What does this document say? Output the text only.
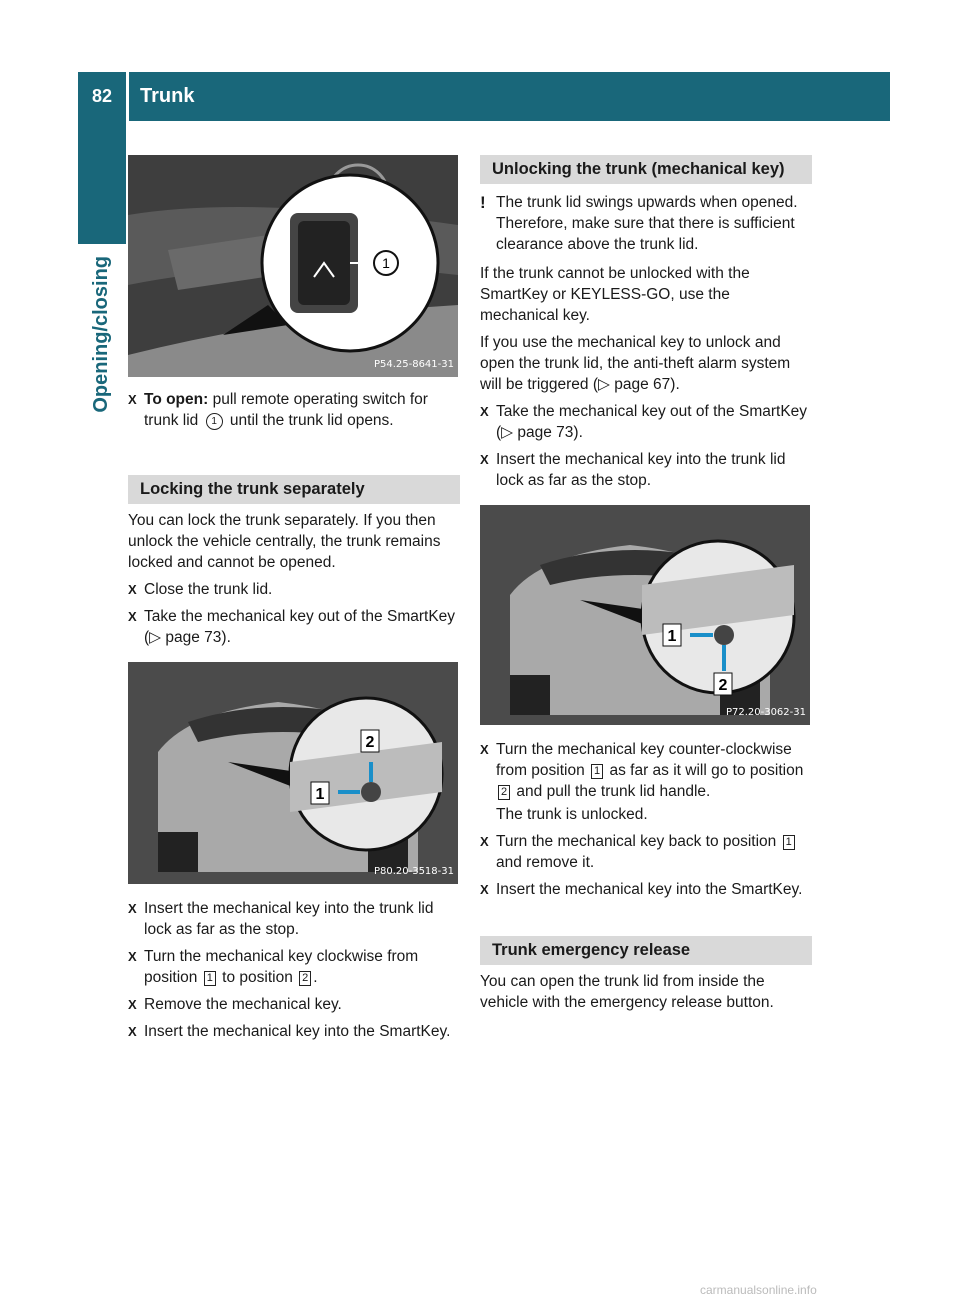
82	Trunk
Opening/closing	1
P54.25-8641-31
X To open: pull remote operating switch for trunk lid 1 until the trunk lid opens.
Locking the trunk separately

You can lock the trunk separately. If you then unlock the vehicle centrally, the trunk remains locked and cannot be opened.

X Close the trunk lid.
X Take the mechanical key out of the SmartKey (▷ page 73).
2
1
P80.20-3518-31
X Insert the mechanical key into the trunk lid lock as far as the stop.
X Turn the mechanical key clockwise from position 1 to position 2 .
X Remove the mechanical key.
X Insert the mechanical key into the SmartKey.
Unlocking the trunk (mechanical key)
! The trunk lid swings upwards when opened. Therefore, make sure that there is sufficient clearance above the trunk lid.

If the trunk cannot be unlocked with the SmartKey or KEYLESS-GO, use the mechanical key.

If you use the mechanical key to unlock and open the trunk lid, the anti-theft alarm system will be triggered (▷ page 67).

X Take the mechanical key out of the SmartKey (▷ page 73).
X Insert the mechanical key into the trunk lid lock as far as the stop.
1
2
P72.20-3062-31
X Turn the mechanical key counter-clockwise from position 1 as far as it will go to position 2 and pull the trunk lid handle.
The trunk is unlocked.
X Turn the mechanical key back to position 1 and remove it.
X Insert the mechanical key into the SmartKey.
Trunk emergency release

You can open the trunk lid from inside the vehicle with the emergency release button.

carmanualsonline.info
